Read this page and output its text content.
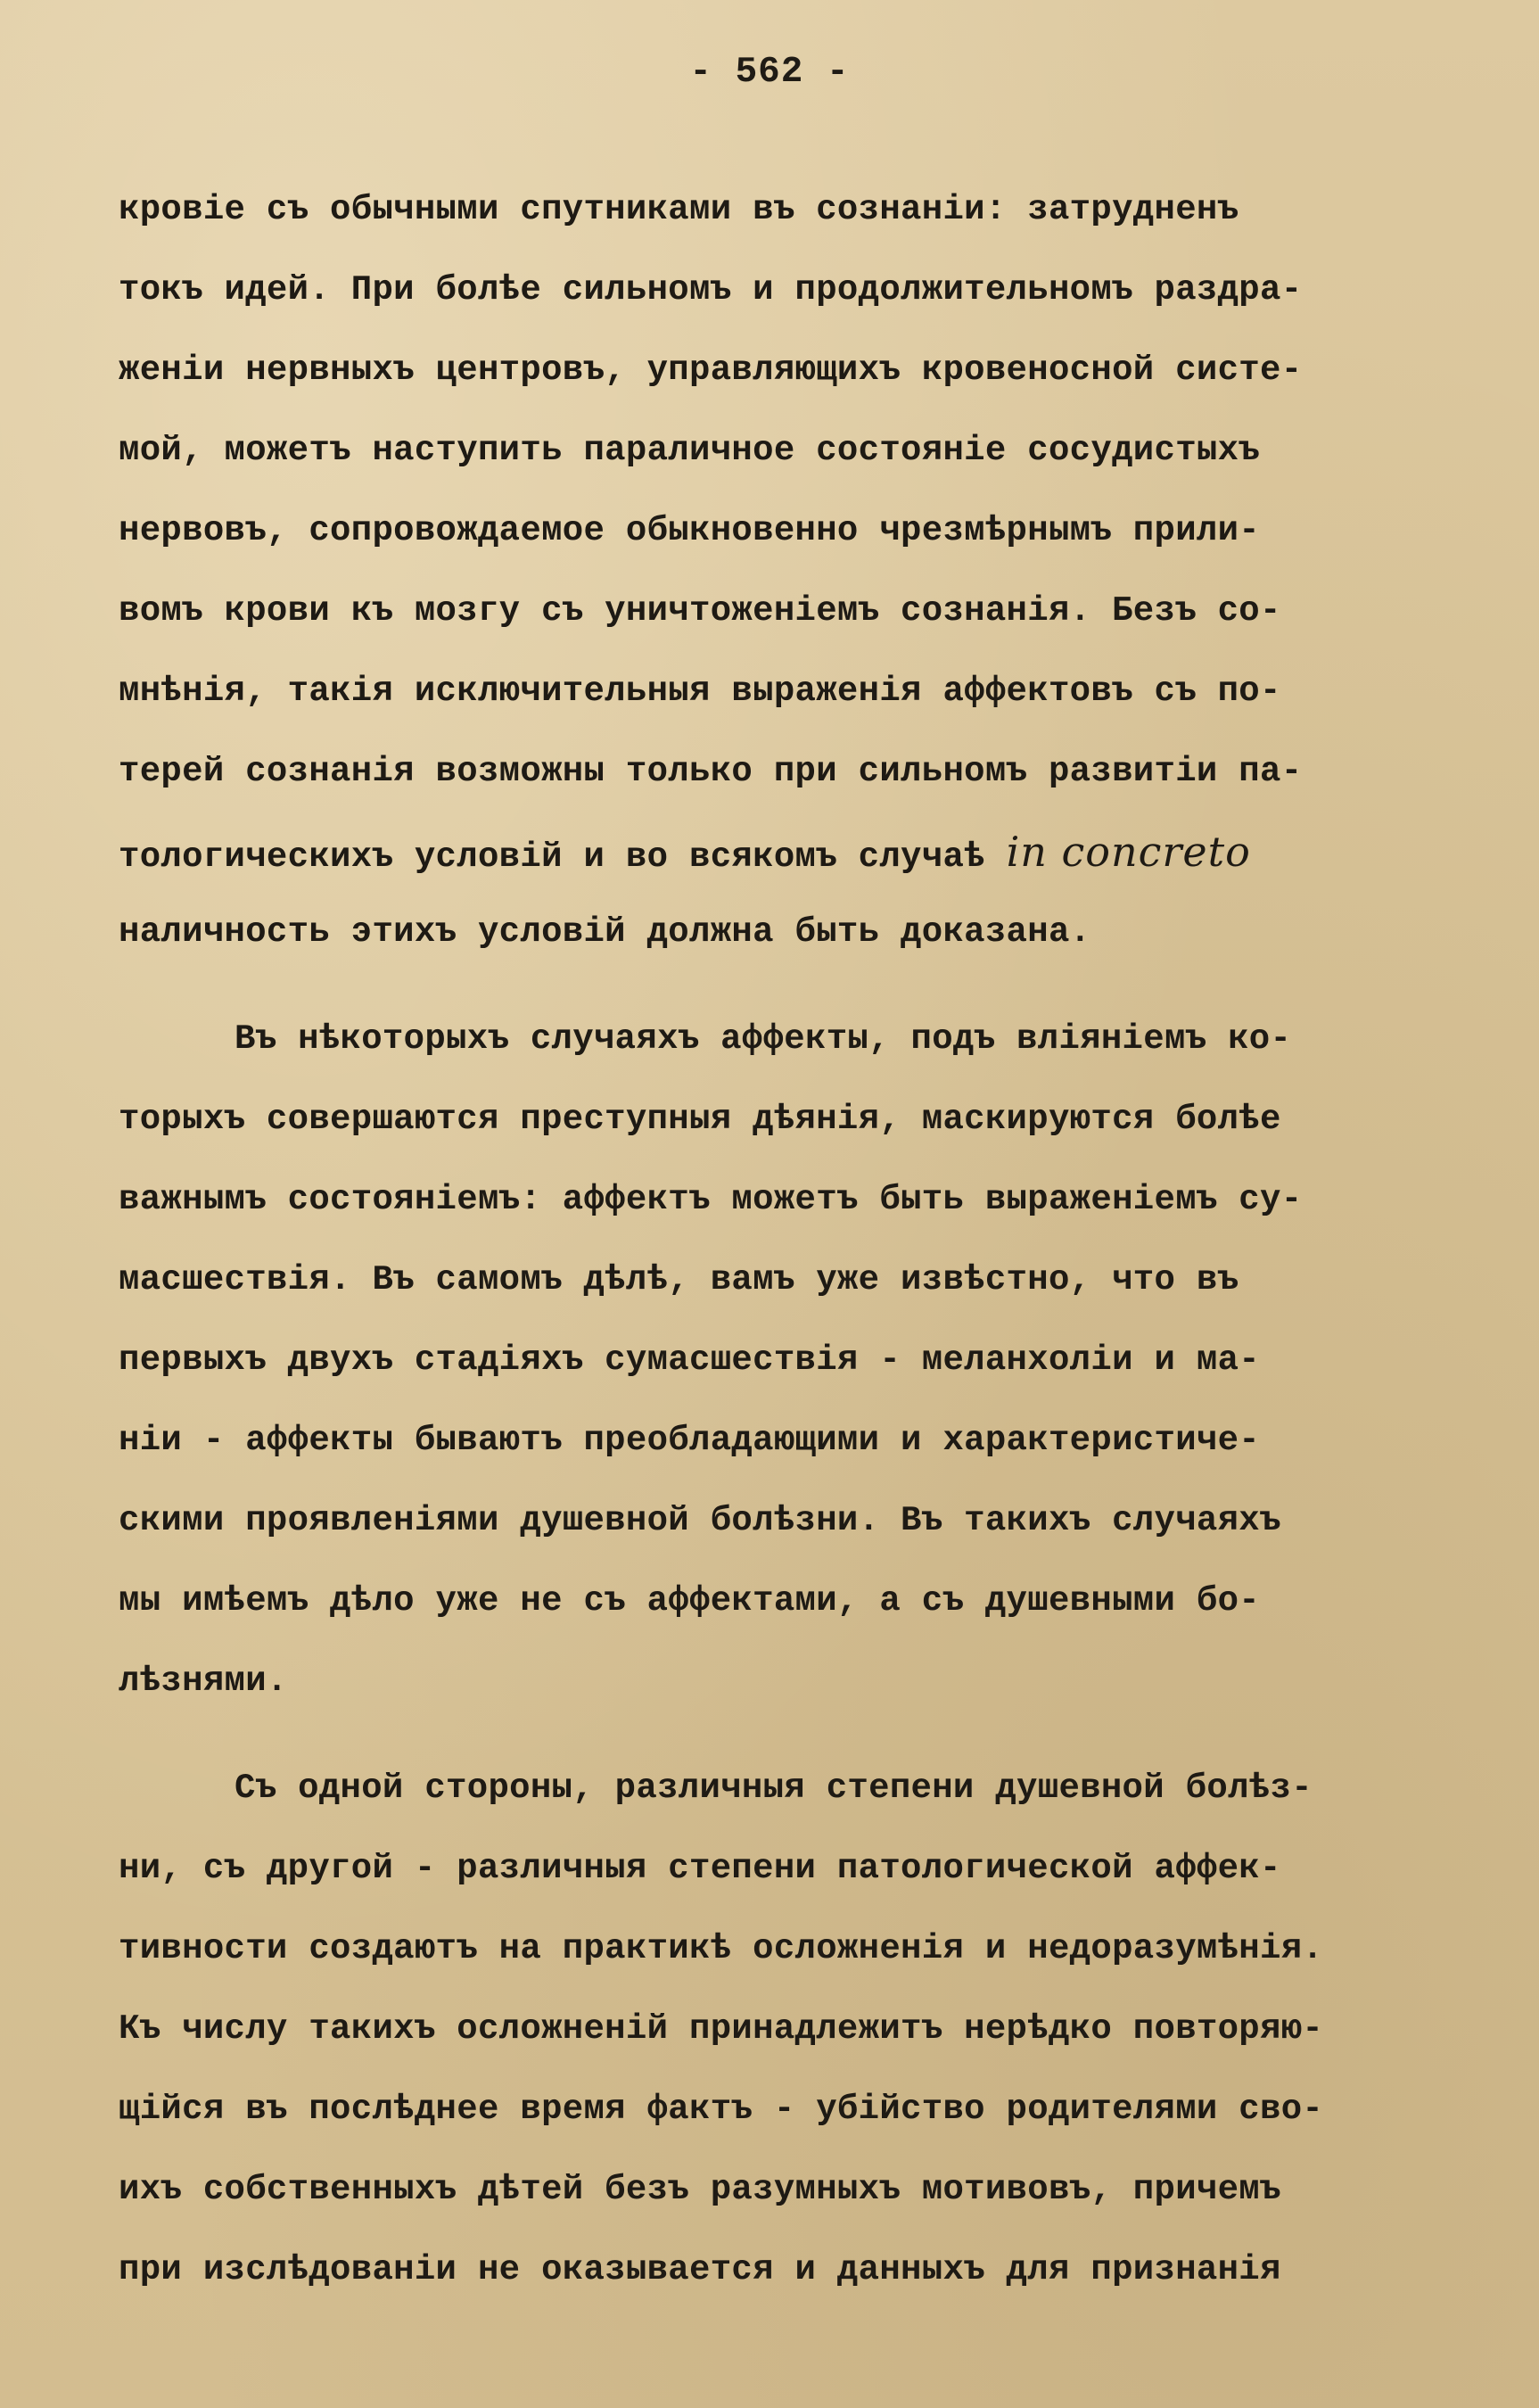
- 562 -
кровіе съ обычными спутниками въ сознаніи: затрудненъ
токъ идей. При болѣе сильномъ и продолжительномъ раздра-
женіи нервныхъ центровъ, управляющихъ кровеносной систе-
мой, можетъ наступить параличное состояніе сосудистыхъ
нервовъ, сопровождаемое обыкновенно чрезмѣрнымъ прили-
вомъ крови къ мозгу съ уничтоженіемъ сознанія. Безъ со-
мнѣнія, такія исключительныя выраженія аффектовъ съ по-
терей сознанія возможны только при сильномъ развитіи па-
тологическихъ условій и во всякомъ случаѣ in concreto
наличность этихъ условій должна быть доказана.
Въ нѣкоторыхъ случаяхъ аффекты, подъ вліяніемъ ко-
торыхъ совершаются преступныя дѣянія, маскируются болѣе
важнымъ состояніемъ: аффектъ можетъ быть выраженіемъ су-
масшествія. Въ самомъ дѣлѣ, вамъ уже извѣстно, что въ
первыхъ двухъ стадіяхъ сумасшествія - меланхоліи и ма-
ніи - аффекты бываютъ преобладающими и характеристиче-
скими проявленіями душевной болѣзни. Въ такихъ случаяхъ
мы имѣемъ дѣло уже не съ аффектами, а съ душевными бо-
лѣзнями.
Съ одной стороны, различныя степени душевной болѣз-
ни, съ другой - различныя степени патологической аффек-
тивности создаютъ на практикѣ осложненія и недоразумѣнія.
Къ числу такихъ осложненій принадлежитъ нерѣдко повторяю-
щійся въ послѣднее время фактъ - убійство родителями сво-
ихъ собственныхъ дѣтей безъ разумныхъ мотивовъ, причемъ
при изслѣдованіи не оказывается и данныхъ для признанія
